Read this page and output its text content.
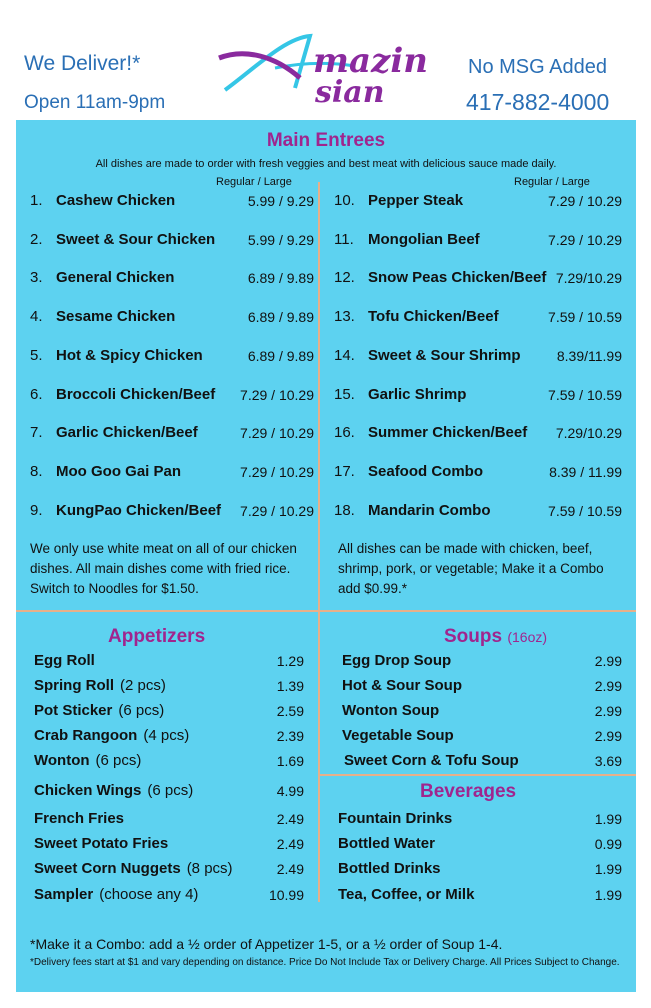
We Deliver!*
Open 11am-9pm
No MSG Added
417-882-4000
mazin
sian
Main Entrees
All dishes are made to order with fresh veggies and best meat with delicious sauce made daily.
Regular / Large	Regular / Large
1. Cashew Chicken	5.99 / 9.29
2. Sweet & Sour Chicken 5.99 / 9.29
3. General Chicken	6.89 / 9.89
4. Sesame Chicken	6.89 / 9.89
5. Hot & Spicy Chicken	6.89 / 9.89
6. Broccoli Chicken/Beef 7.29 / 10.29
7. Garlic Chicken/Beef	7.29 / 10.29
8. Moo Goo Gai Pan	7.29 / 10.29
9. KungPao Chicken/Beef 7.29 / 10.29
10. Pepper Steak	7.29 / 10.29
11. Mongolian Beef	7.29 / 10.29
12. Snow Peas Chicken/Beef 7.29/10.29
13. Tofu Chicken/Beef	7.59 / 10.59
14. Sweet & Sour Shrimp	8.39/11.99
15. Garlic Shrimp	7.59 / 10.59
16. Summer Chicken/Beef 7.29/10.29
17. Seafood Combo	8.39 / 11.99
18. Mandarin Combo	7.59 / 10.59
We only use white meat on all of our chicken dishes. All main dishes come with fried rice. Switch to Noodles for $1.50.
All dishes can be made with chicken, beef, shrimp, pork, or vegetable; Make it a Combo add $0.99.*
Appetizers	Soups (16oz)
Beverages
Egg Roll	1.29
Spring Roll (2 pcs)	1.39
Pot Sticker (6 pcs)	2.59
Crab Rangoon (4 pcs)	2.39
Wonton (6 pcs)	1.69
Chicken Wings (6 pcs)	4.99
French Fries	2.49
Sweet Potato Fries	2.49
Sweet Corn Nuggets (8 pcs)	2.49
Sampler (choose any 4)	10.99
Egg Drop Soup	2.99
Hot & Sour Soup	2.99
Wonton Soup	2.99
Vegetable Soup	2.99
Sweet Corn & Tofu Soup	3.69
Fountain Drinks	1.99
Bottled Water	0.99
Bottled Drinks	1.99
Tea, Coffee, or Milk	1.99
*Make it a Combo: add a ½ order of Appetizer 1-5, or a ½ order of Soup 1-4.
*Delivery fees start at $1 and vary depending on distance. Price Do Not Include Tax or Delivery Charge. All Prices Subject to Change.
